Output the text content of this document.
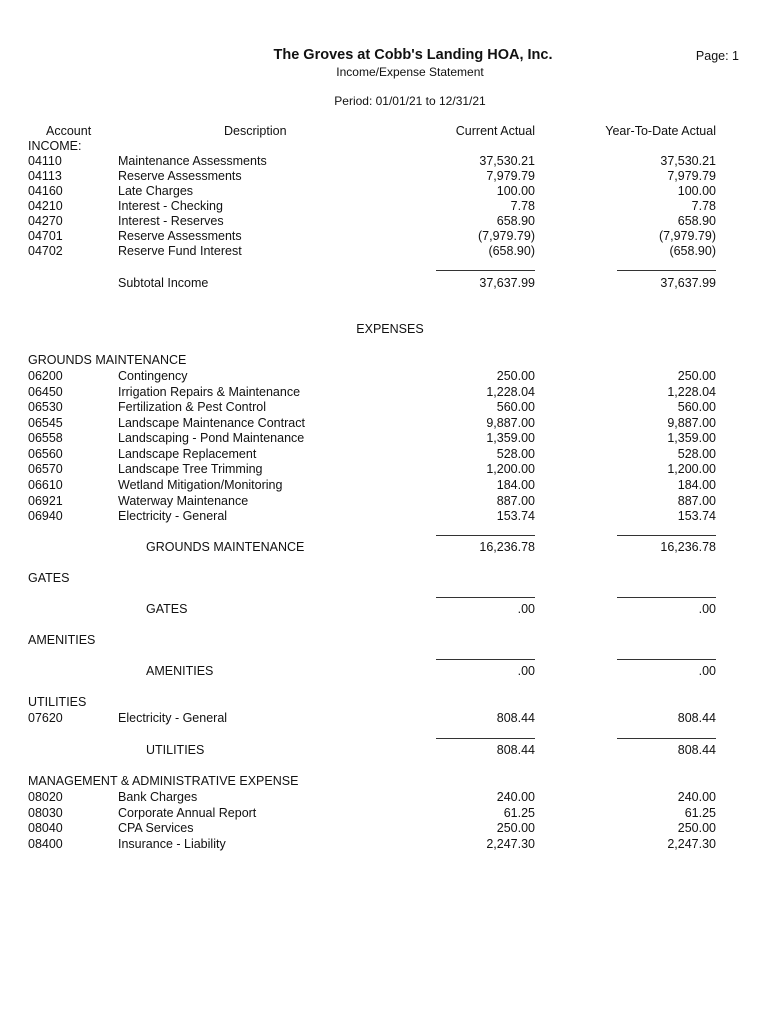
The Groves at Cobb's Landing HOA, Inc.
Income/Expense Statement
Period: 01/01/21 to 12/31/21
Page: 1
Account	Description	Current Actual	Year-To-Date Actual
INCOME:
04110	Maintenance Assessments	37,530.21	37,530.21
04113	Reserve Assessments	7,979.79	7,979.79
04160	Late Charges	100.00	100.00
04210	Interest - Checking	7.78	7.78
04270	Interest - Reserves	658.90	658.90
04701	Reserve Assessments	(7,979.79)	(7,979.79)
04702	Reserve Fund Interest	(658.90)	(658.90)
Subtotal Income	37,637.99	37,637.99
EXPENSES
GROUNDS MAINTENANCE
06200	Contingency	250.00	250.00
06450	Irrigation Repairs & Maintenance	1,228.04	1,228.04
06530	Fertilization & Pest Control	560.00	560.00
06545	Landscape Maintenance Contract	9,887.00	9,887.00
06558	Landscaping - Pond Maintenance	1,359.00	1,359.00
06560	Landscape Replacement	528.00	528.00
06570	Landscape Tree Trimming	1,200.00	1,200.00
06610	Wetland Mitigation/Monitoring	184.00	184.00
06921	Waterway Maintenance	887.00	887.00
06940	Electricity - General	153.74	153.74
GROUNDS MAINTENANCE	16,236.78	16,236.78
GATES
GATES	.00	.00
AMENITIES
AMENITIES	.00	.00
UTILITIES
07620	Electricity - General	808.44	808.44
UTILITIES	808.44	808.44
MANAGEMENT & ADMINISTRATIVE EXPENSE
08020	Bank Charges	240.00	240.00
08030	Corporate Annual Report	61.25	61.25
08040	CPA Services	250.00	250.00
08400	Insurance - Liability	2,247.30	2,247.30
